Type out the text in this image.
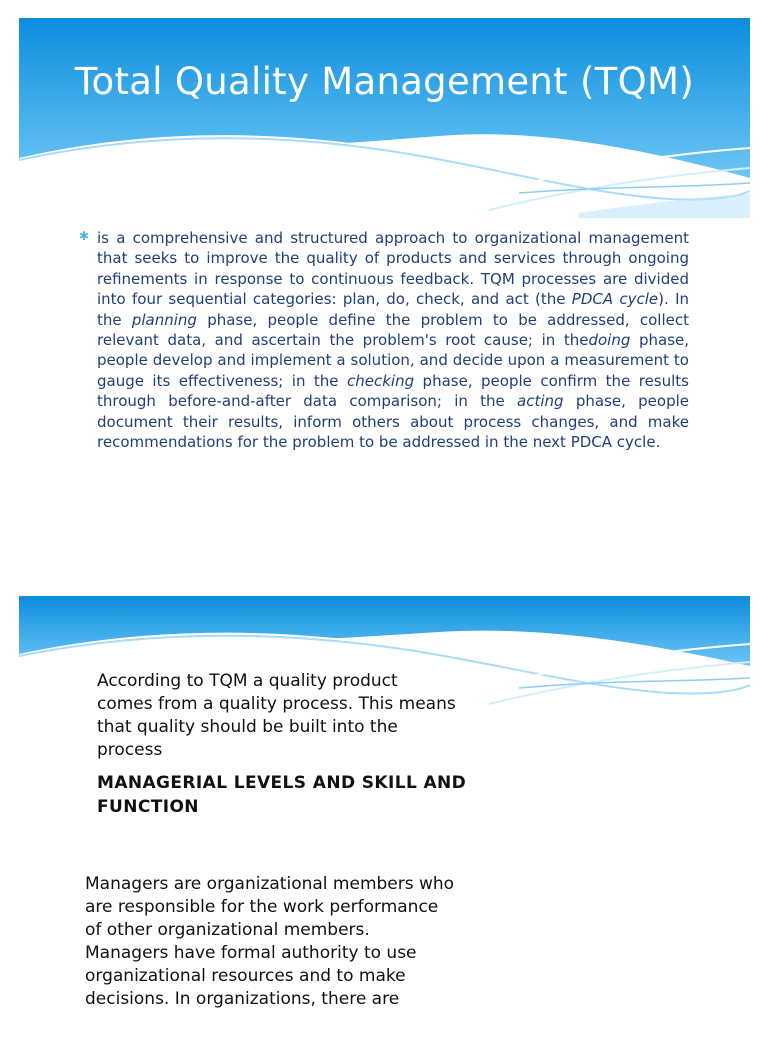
Total Quality Management (TQM)
✱ is a comprehensive and structured approach to organizational management that seeks to improve the quality of products and services through ongoing refinements in response to continuous feedback. TQM processes are divided into four sequential categories: plan, do, check, and act (the PDCA cycle). In the planning phase, people define the problem to be addressed, collect relevant data, and ascertain the problem's root cause; in thedoing phase, people develop and implement a solution, and decide upon a measurement to gauge its effectiveness; in the checking phase, people confirm the results through before-and-after data comparison; in the acting phase, people document their results, inform others about process changes, and make recommendations for the problem to be addressed in the next PDCA cycle.

According to TQM a quality product comes from a quality process. This means that quality should be built into the process

MANAGERIAL LEVELS AND SKILL AND FUNCTION

Managers are organizational members who are responsible for the work performance of other organizational members. Managers have formal authority to use organizational resources and to make decisions. In organizations, there are
